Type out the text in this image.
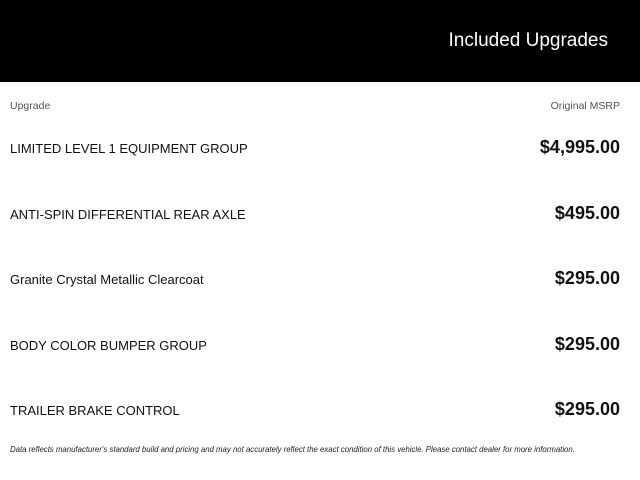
Included Upgrades
Upgrade	Original MSRP
LIMITED LEVEL 1 EQUIPMENT GROUP	$4,995.00
ANTI-SPIN DIFFERENTIAL REAR AXLE	$495.00
Granite Crystal Metallic Clearcoat	$295.00
BODY COLOR BUMPER GROUP	$295.00
TRAILER BRAKE CONTROL	$295.00
Data reflects manufacturer's standard build and pricing and may not accurately reflect the exact condition of this vehicle. Please contact dealer for more information.
